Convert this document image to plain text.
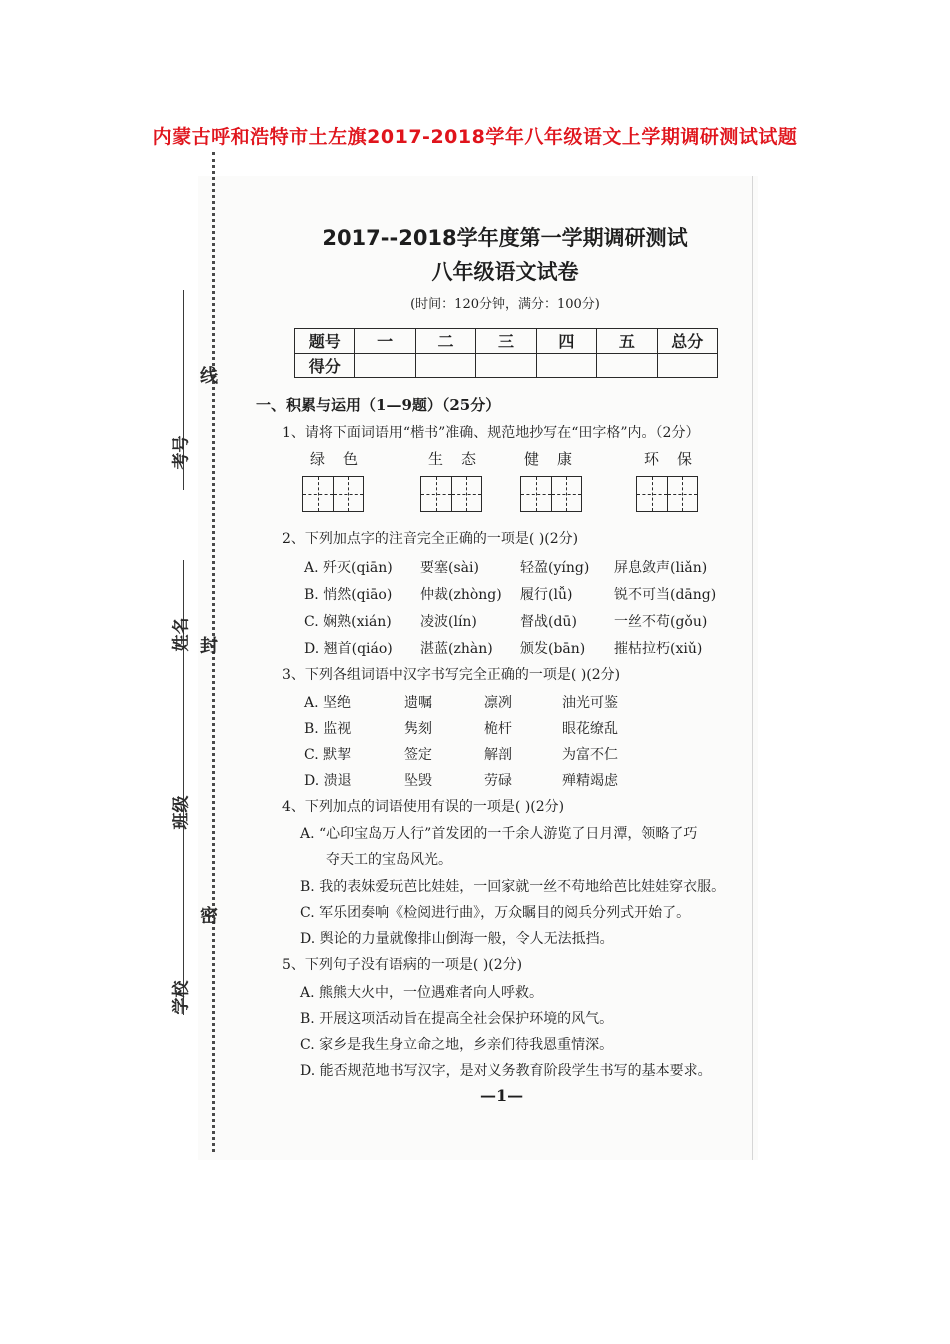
内蒙古呼和浩特市土左旗2017-2018学年八年级语文上学期调研测试试题
线
封
密
考号
姓名
班级
学校
2017--2018学年度第一学期调研测试
八年级语文试卷
(时间：120分钟，满分：100分)
题号	一	二	三	四	五	总分
得分						
一、积累与运用（1—9题）（25分）
1、请将下面词语用“楷书”准确、规范地抄写在“田字格”内。（2分）
绿色	生态 健康	环保
2、下列加点字的注音完全正确的一项是( )(2分)
A. 歼灭(qiān) 要塞(sài)	轻盈(yíng) 屏息敛声(liǎn)
B. 悄然(qiāo) 仲裁(zhòng) 履行(lǚ)	锐不可当(dāng)
C. 娴熟(xián) 凌波(lín)	督战(dū)	一丝不苟(gǒu)
D. 翘首(qiáo) 湛蓝(zhàn) 颁发(bān) 摧枯拉朽(xiǔ)
3、下列各组词语中汉字书写完全正确的一项是( )(2分)
A. 坚绝	遗嘱	凛冽	油光可鉴
B. 监视	隽刻	桅杆	眼花缭乱
C. 默挈	签定	解剖	为富不仁
D. 溃退	坠毁	劳碌	殚精竭虑
4、下列加点的词语使用有误的一项是( )(2分)
A. “心印宝岛万人行”首发团的一千余人游览了日月潭，领略了巧
夺天工的宝岛风光。
B. 我的表妹爱玩芭比娃娃，一回家就一丝不苟地给芭比娃娃穿衣服。
C. 军乐团奏响《检阅进行曲》，万众瞩目的阅兵分列式开始了。
D. 舆论的力量就像排山倒海一般，令人无法抵挡。
5、下列句子没有语病的一项是( )(2分)
A. 熊熊大火中，一位遇难者向人呼救。
B. 开展这项活动旨在提高全社会保护环境的风气。
C. 家乡是我生身立命之地，乡亲们待我恩重情深。
D. 能否规范地书写汉字，是对义务教育阶段学生书写的基本要求。
—1—
